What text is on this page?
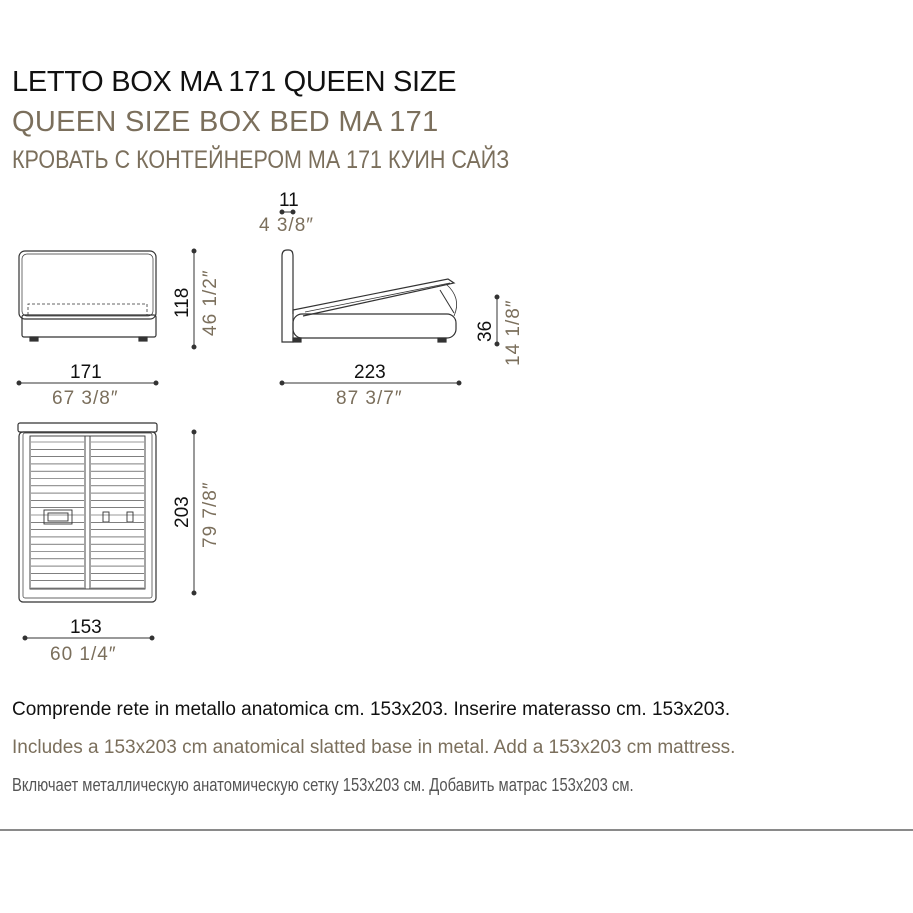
LETTO BOX MA 171 QUEEN SIZE
QUEEN SIZE BOX BED MA 171
КРОВАТЬ С КОНТЕЙНЕРОМ МА 171 КУИН САЙЗ
118 46 1/2″
171
67 3/8″
11
4 3/8″
36 14 1/8″
223
87 3/7″
203 79 7/8″
153
60 1/4″
Comprende rete in metallo anatomica cm. 153x203. Inserire materasso cm. 153x203.
Includes a 153x203 cm anatomical slatted base in metal. Add a 153x203 cm mattress.
Включает металлическую анатомическую сетку 153х203 см. Добавить матрас 153х203 см.
